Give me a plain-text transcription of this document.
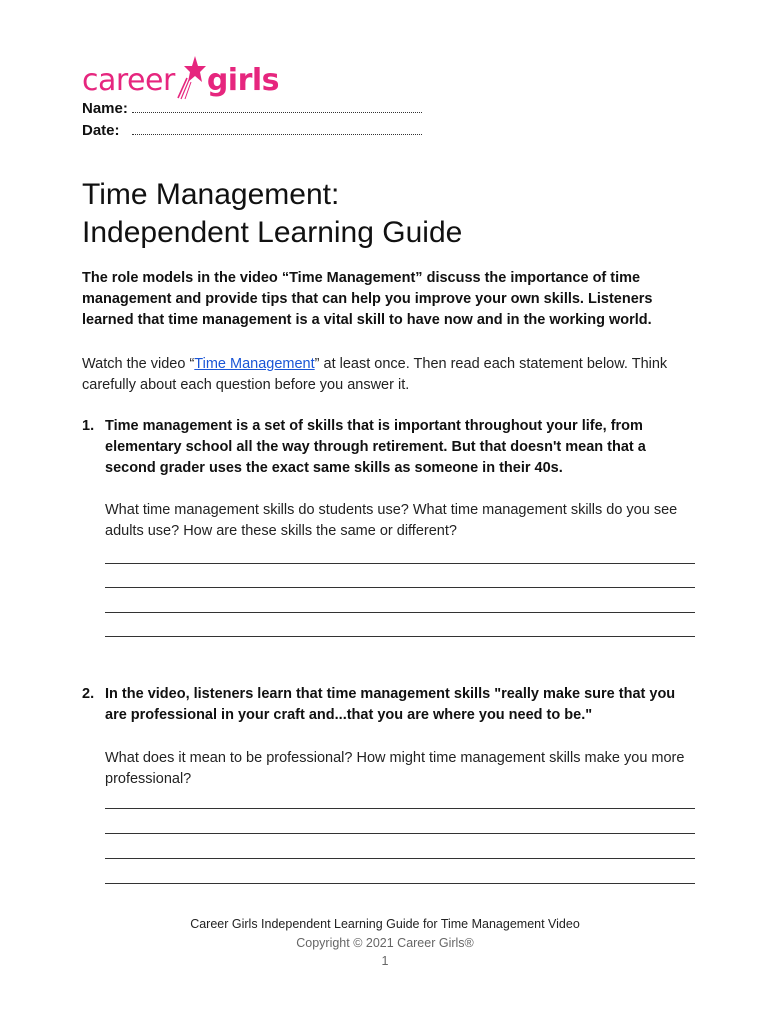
career girls
Name:
Date:
Time Management:
Independent Learning Guide

The role models in the video “Time Management” discuss the importance of time management and provide tips that can help you improve your own skills. Listeners learned that time management is a vital skill to have now and in the working world.

Watch the video “Time Management” at least once. Then read each statement below. Think carefully about each question before you answer it.

1. Time management is a set of skills that is important throughout your life, from elementary school all the way through retirement. But that doesn't mean that a second grader uses the exact same skills as someone in their 40s.

What time management skills do students use? What time management skills do you see adults use? How are these skills the same or different?

2. In the video, listeners learn that time management skills "really make sure that you are professional in your craft and...that you are where you need to be."

What does it mean to be professional? How might time management skills make you more professional?

Career Girls Independent Learning Guide for Time Management Video
Copyright © 2021 Career Girls®
1
